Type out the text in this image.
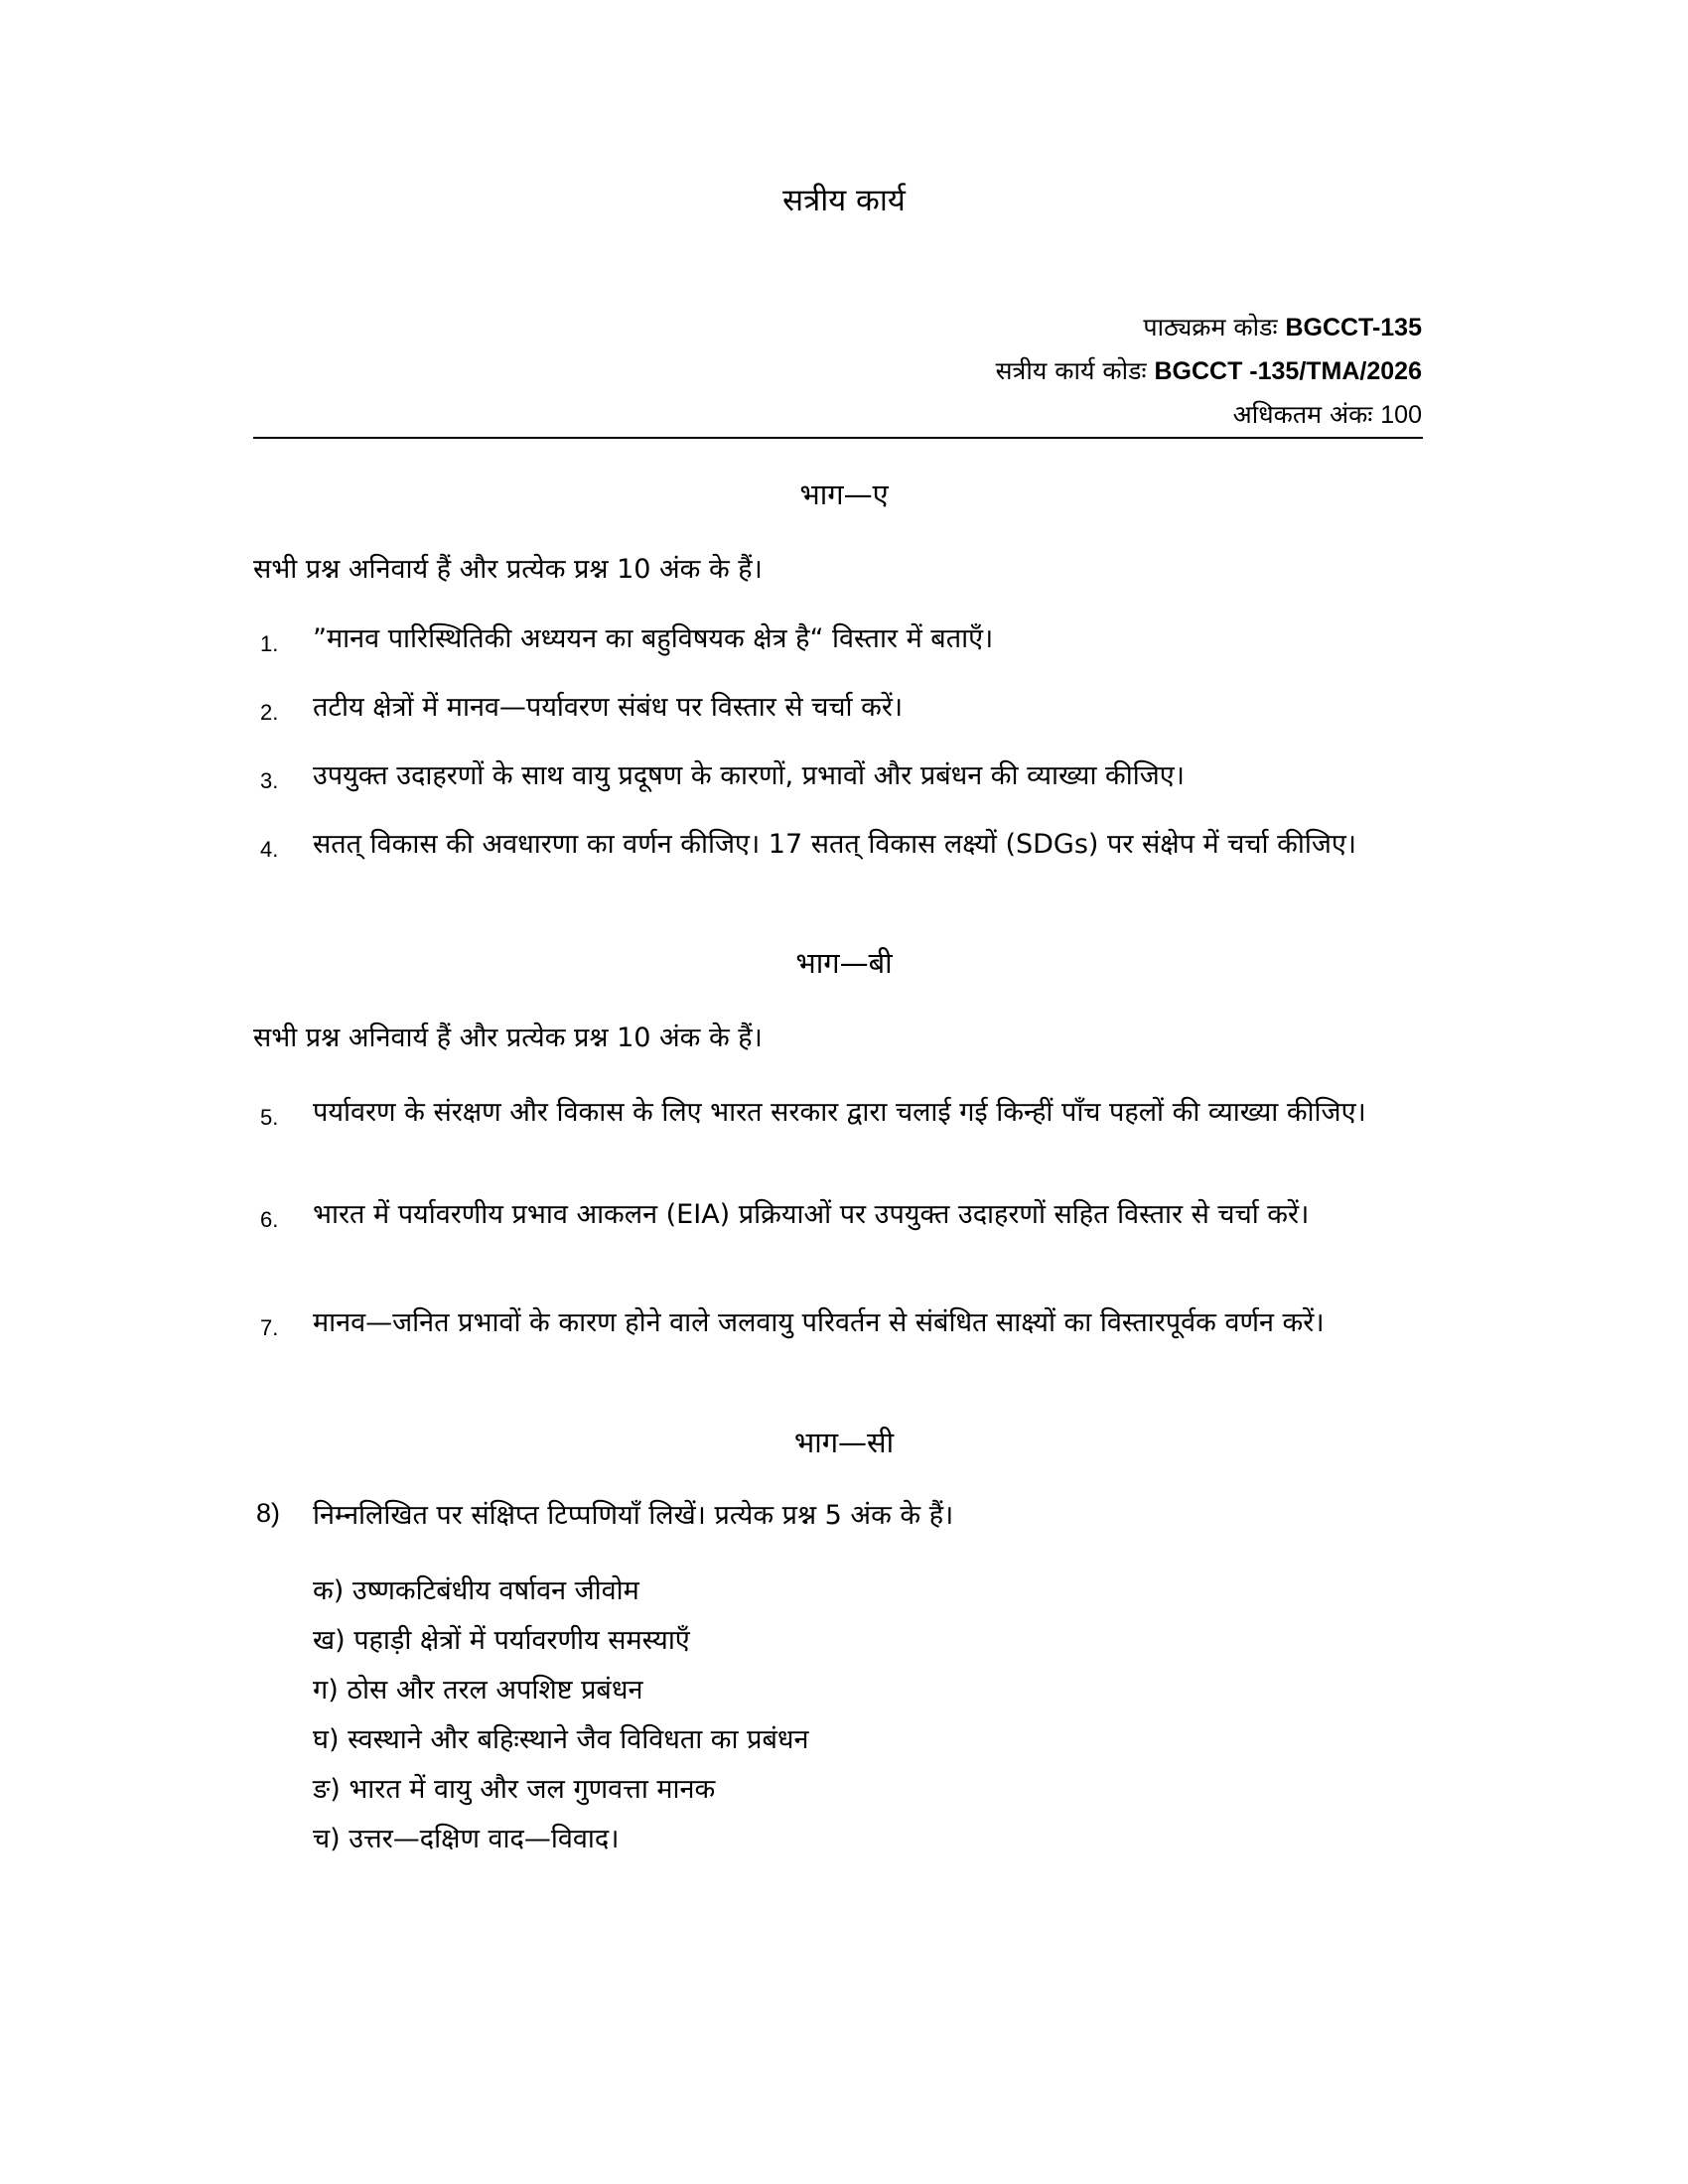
सत्रीय कार्य
पाठ्यक्रम कोडः BGCCT-135
सत्रीय कार्य कोडः BGCCT -135/TMA/2026
अधिकतम अंकः 100
भाग—ए
सभी प्रश्न अनिवार्य हैं और प्रत्येक प्रश्न 10 अंक के हैं।
1. ”मानव पारिस्थितिकी अध्ययन का बहुविषयक क्षेत्र है“ विस्तार में बताएँ।
2. तटीय क्षेत्रों में मानव—पर्यावरण संबंध पर विस्तार से चर्चा करें।
3. उपयुक्त उदाहरणों के साथ वायु प्रदूषण के कारणों, प्रभावों और प्रबंधन की व्याख्या कीजिए।
4. सतत् विकास की अवधारणा का वर्णन कीजिए। 17 सतत् विकास लक्ष्यों (SDGs) पर संक्षेप में चर्चा कीजिए।
भाग—बी
सभी प्रश्न अनिवार्य हैं और प्रत्येक प्रश्न 10 अंक के हैं।
5. पर्यावरण के संरक्षण और विकास के लिए भारत सरकार द्वारा चलाई गई किन्हीं पाँच पहलों की व्याख्या कीजिए।
6. भारत में पर्यावरणीय प्रभाव आकलन (EIA) प्रक्रियाओं पर उपयुक्त उदाहरणों सहित विस्तार से चर्चा करें।
7. मानव—जनित प्रभावों के कारण होने वाले जलवायु परिवर्तन से संबंधित साक्ष्यों का विस्तारपूर्वक वर्णन करें।
भाग—सी
8) निम्नलिखित पर संक्षिप्त टिप्पणियाँ लिखें। प्रत्येक प्रश्न 5 अंक के हैं।
क) उष्णकटिबंधीय वर्षावन जीवोम
ख) पहाड़ी क्षेत्रों में पर्यावरणीय समस्याएँ
ग) ठोस और तरल अपशिष्ट प्रबंधन
घ) स्वस्थाने और बहिःस्थाने जैव विविधता का प्रबंधन
ङ) भारत में वायु और जल गुणवत्ता मानक
च) उत्तर—दक्षिण वाद—विवाद।
